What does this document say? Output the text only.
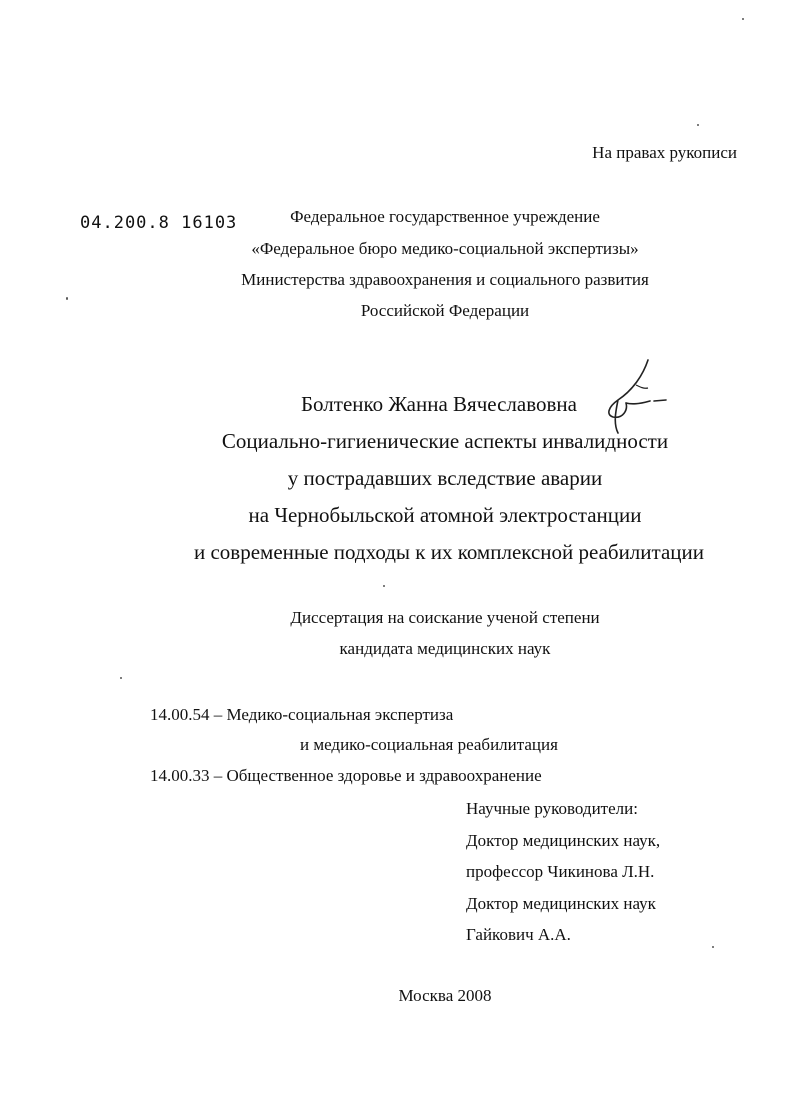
На правах рукописи
04.200.8 16103	Федеральное государственное учреждение
«Федеральное бюро медико-социальной экспертизы»
Министерства здравоохранения и социального развития
Российской Федерации
Болтенко Жанна Вячеславовна
Социально-гигиенические аспекты инвалидности
у пострадавших вследствие аварии
на Чернобыльской атомной электростанции
и современные подходы к их комплексной реабилитации
Диссертация на соискание ученой степени
кандидата медицинских наук
14.00.54 – Медико-социальная экспертиза
и медико-социальная реабилитация
14.00.33 – Общественное здоровье и здравоохранение
Научные руководители:
Доктор медицинских наук,
профессор Чикинова Л.Н.
Доктор медицинских наук
Гайкович А.А.
Москва 2008
